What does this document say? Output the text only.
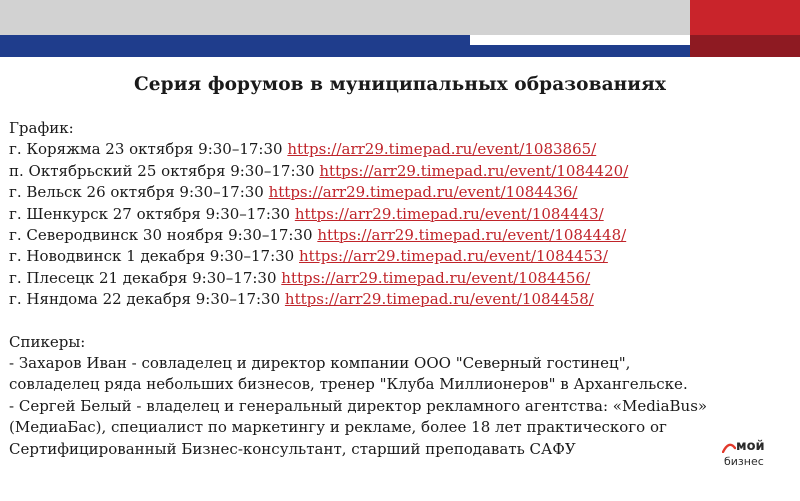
Серия форумов в муниципальных образованиях
График:
г. Коряжма 23 октября 9:30–17:30 https://arr29.timepad.ru/event/1083865/
п. Октябрьский 25 октября 9:30–17:30 https://arr29.timepad.ru/event/1084420/
г. Вельск 26 октября 9:30–17:30 https://arr29.timepad.ru/event/1084436/
г. Шенкурск 27 октября 9:30–17:30 https://arr29.timepad.ru/event/1084443/
г. Северодвинск 30 ноября 9:30–17:30 https://arr29.timepad.ru/event/1084448/
г. Новодвинск 1 декабря 9:30–17:30 https://arr29.timepad.ru/event/1084453/
г. Плесецк 21 декабря 9:30–17:30 https://arr29.timepad.ru/event/1084456/
г. Няндома 22 декабря 9:30–17:30 https://arr29.timepad.ru/event/1084458/
Спикеры:
- Захаров Иван - совладелец и директор компании ООО "Северный гостинец",
совладелец ряда небольших бизнесов, тренер "Клуба Миллионеров" в Архангельске.
- Сергей Белый - владелец и генеральный директор рекламного агентства: «MediaBus»
(МедиаБас), специалист по маркетингу и рекламе, более 18 лет практического ог
Сертифицированный Бизнес-консультант, старший преподавать САФУ	мой
бизнес
